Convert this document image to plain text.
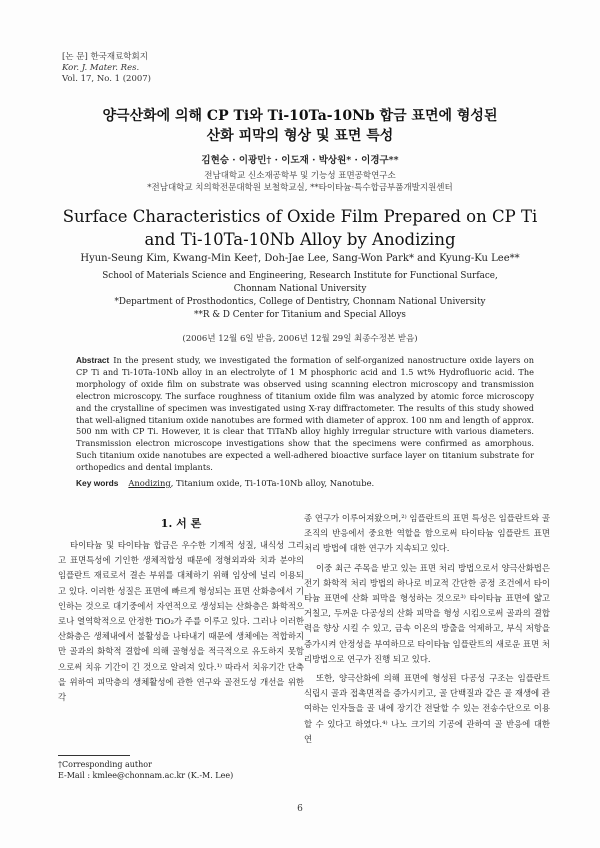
[논 문] 한국재료학회지
Kor. J. Mater. Res.
Vol. 17, No. 1 (2007)
양극산화에 의해 CP Ti와 Ti-10Ta-10Nb 합금 표면에 형성된
산화 피막의 형상 및 표면 특성
김현승 · 이광민† · 이도재 · 박상원* · 이경구**
전남대학교 신소재공학부 및 기능성 표면공학연구소
*전남대학교 치의학전문대학원 보철학교실, **타이타늄·특수합금부품개발지원센터
Surface Characteristics of Oxide Film Prepared on CP Ti
and Ti-10Ta-10Nb Alloy by Anodizing
Hyun-Seung Kim, Kwang-Min Kee†, Doh-Jae Lee, Sang-Won Park* and Kyung-Ku Lee**
School of Materials Science and Engineering, Research Institute for Functional Surface,
Chonnam National University
*Department of Prosthodontics, College of Dentistry, Chonnam National University
**R & D Center for Titanium and Special Alloys
(2006년 12월 6일 받음, 2006년 12월 29일 최종수정본 받음)
Abstract In the present study, we investigated the formation of self-organized nanostructure oxide layers on CP Ti and Ti-10Ta-10Nb alloy in an electrolyte of 1 M phosphoric acid and 1.5 wt% Hydrofluoric acid. The morphology of oxide film on substrate was observed using scanning electron microscopy and transmission electron microscopy. The surface roughness of titanium oxide film was analyzed by atomic force microscopy and the crystalline of specimen was investigated using X-ray diffractometer. The results of this study showed that well-aligned titanium oxide nanotubes are formed with diameter of approx. 100 nm and length of approx. 500 nm with CP Ti. However, it is clear that TiTaNb alloy highly irregular structure with various diameters. Transmission electron microscope investigations show that the specimens were confirmed as amorphous. Such titanium oxide nanotubes are expected a well-adhered bioactive surface layer on titanium substrate for orthopedics and dental implants.
Key words Anodizing, Titanium oxide, Ti-10Ta-10Nb alloy, Nanotube.
1. 서 론

타이타늄 및 타이타늄 합금은 우수한 기계적 성질, 내식성 그리고 표면특성에 기인한 생체적합성 때문에 정형외과와 치과 분야의 임플란트 재료로서 결손 부위를 대체하기 위해 임상에 널리 이용되고 있다. 이러한 성질은 표면에 빠르게 형성되는 표면 산화층에서 기인하는 것으로 대기중에서 자연적으로 생성되는 산화층은 화학적으로나 열역학적으로 안정한 TiO₂가 주를 이루고 있다. 그러나 이러한 산화층은 생체내에서 불활성을 나타내기 때문에 생체에는 적합하지만 골과의 화학적 결합에 의해 골형성을 적극적으로 유도하지 못함으로써 치유 기간이 긴 것으로 알려져 있다.¹⁾ 따라서 치유기간 단축을 위하여 피막층의 생체활성에 관한 연구와 골전도성 개선을 위한 각

종 연구가 이루어져왔으며,²⁾ 임플란트의 표면 특성은 임플란트와 골조직의 반응에서 중요한 역할을 함으로써 타이타늄 임플란트 표면 처리 방법에 대한 연구가 지속되고 있다.

이중 최근 주목을 받고 있는 표면 처리 방법으로서 양극산화법은 전기 화학적 처리 방법의 하나로 비교적 간단한 공정 조건에서 타이타늄 표면에 산화 피막을 형성하는 것으로³⁾ 타이타늄 표면에 얇고 거칠고, 두꺼운 다공성의 산화 피막을 형성 시킴으로써 골과의 결합력을 향상 시킬 수 있고, 금속 이온의 방출을 억제하고, 부식 저항을 증가시켜 안정성을 부여하므로 타이타늄 임플란트의 새로운 표면 처리방법으로 연구가 진행 되고 있다.

또한, 양극산화에 의해 표면에 형성된 다공성 구조는 임플란트 식립시 골과 접촉면적을 증가시키고, 골 단백질과 같은 골 재생에 관여하는 인자들을 골 내에 장기간 전달할 수 있는 전송수단으로 이용할 수 있다고 하였다.⁴⁾ 나노 크기의 기공에 관하여 골 반응에 대한 연

†Corresponding author
E-Mail : kmlee@chonnam.ac.kr (K.-M. Lee)
6
